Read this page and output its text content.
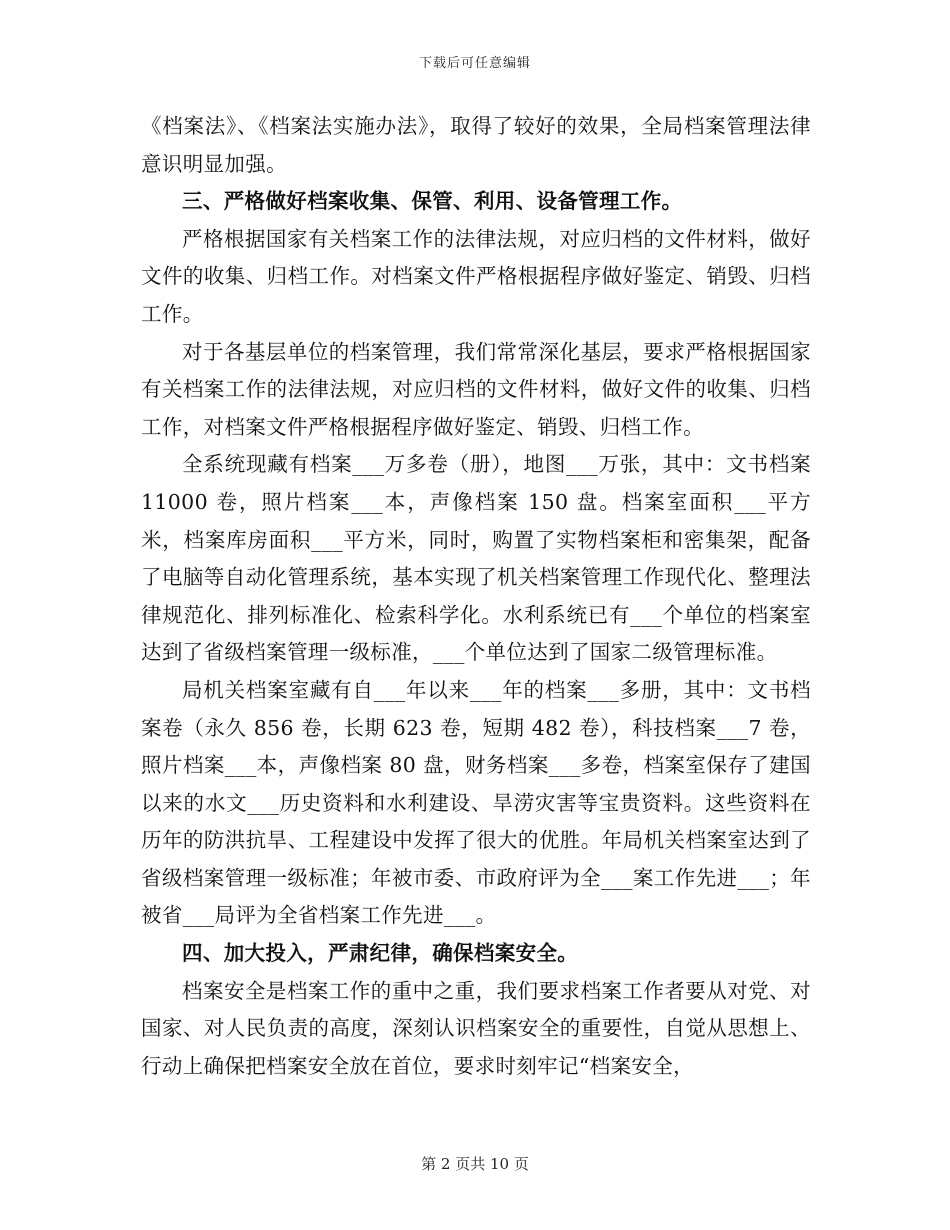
下载后可任意编辑

《档案法》、《档案法实施办法》，取得了较好的效果，全局档案管理法律意识明显加强。

三、严格做好档案收集、保管、利用、设备管理工作。

严格根据国家有关档案工作的法律法规，对应归档的文件材料，做好文件的收集、归档工作。对档案文件严格根据程序做好鉴定、销毁、归档工作。

对于各基层单位的档案管理，我们常常深化基层，要求严格根据国家有关档案工作的法律法规，对应归档的文件材料，做好文件的收集、归档工作，对档案文件严格根据程序做好鉴定、销毁、归档工作。

全系统现藏有档案___万多卷（册），地图___万张，其中：文书档案 11000 卷，照片档案___本，声像档案 150 盘。档案室面积___平方米，档案库房面积___平方米，同时，购置了实物档案柜和密集架，配备了电脑等自动化管理系统，基本实现了机关档案管理工作现代化、整理法律规范化、排列标准化、检索科学化。水利系统已有___个单位的档案室达到了省级档案管理一级标准，___个单位达到了国家二级管理标准。

局机关档案室藏有自___年以来___年的档案___多册，其中：文书档案卷（永久 856 卷，长期 623 卷，短期 482 卷），科技档案___7 卷，照片档案___本，声像档案 80 盘，财务档案___多卷，档案室保存了建国以来的水文___历史资料和水利建设、旱涝灾害等宝贵资料。这些资料在历年的防洪抗旱、工程建设中发挥了很大的优胜。年局机关档案室达到了省级档案管理一级标准；年被市委、市政府评为全___案工作先进___；年被省___局评为全省档案工作先进___。

四、加大投入，严肃纪律，确保档案安全。

档案安全是档案工作的重中之重，我们要求档案工作者要从对党、对国家、对人民负责的高度，深刻认识档案安全的重要性，自觉从思想上、行动上确保把档案安全放在首位，要求时刻牢记“档案安全，

第 2 页共 10 页
